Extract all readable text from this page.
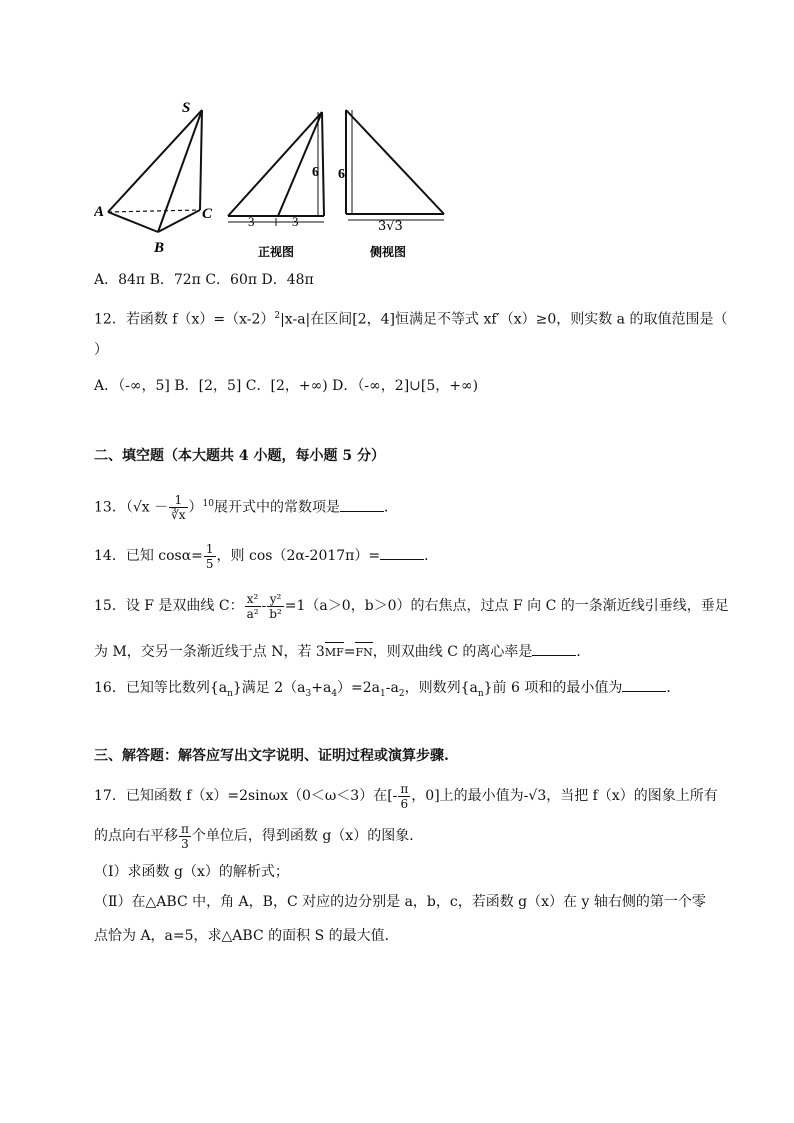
S
A
B
C
6
3	3
正视图
6
3√3
侧视图
A．84π B．72π C．60π D．48π
12．若函数 $f(x)=(x-2)^2|x-a|$在区间[2，4]恒满足不等式 xf′（x）≥0，则实数 a 的取值范围是（
）
A．（-∞，5] B．[2，5] C．[2，+∞) D．（-∞，2]∪[5，+∞)
二、填空题（本大题共 4 小题，每小题 5 分）
13．$(√x - \frac{1}{∛x} )^{10}$展开式中的常数项是	．
14．已知 $\cos\alpha= \frac{1}{5}$ ，则 cos（2α-2017π）=	．
15．设 F 是双曲线 C： $\frac{\text{x²}}{\text{a²}} - \frac{\text{y²}}{\text{b²}} =1(a>0$，b＞0）的右焦点，过点 F 向 C 的一条渐近线引垂线，垂足
为 M，交另一条渐近线于点 N，若 3MF=FN，则双曲线 C 的离心率是	．
16．已知等比数列$\{a_n\}$满足 $2(a_3+a_4)=2a_1-a_2$，则数列$\{a_n\}$前 6 项和的最小值为	．
三、解答题：解答应写出文字说明、证明过程或演算步骤.
17．已知函数 f（x）=2sinωx（0＜ω＜3）在[- $\frac{\pi}{6}$ ，0]上的最小值为-√3，当把 f（x）的图象上所有
的点向右平移 $\frac{\pi}{3}$ 个单位后，得到函数 g（x）的图象．
（Ⅰ）求函数 g（x）的解析式；
（Ⅱ）在△ABC 中，角 A，B，C 对应的边分别是 a，b，c，若函数 g（x）在 y 轴右侧的第一个零
点恰为 A，a=5，求△ABC 的面积 S 的最大值．
